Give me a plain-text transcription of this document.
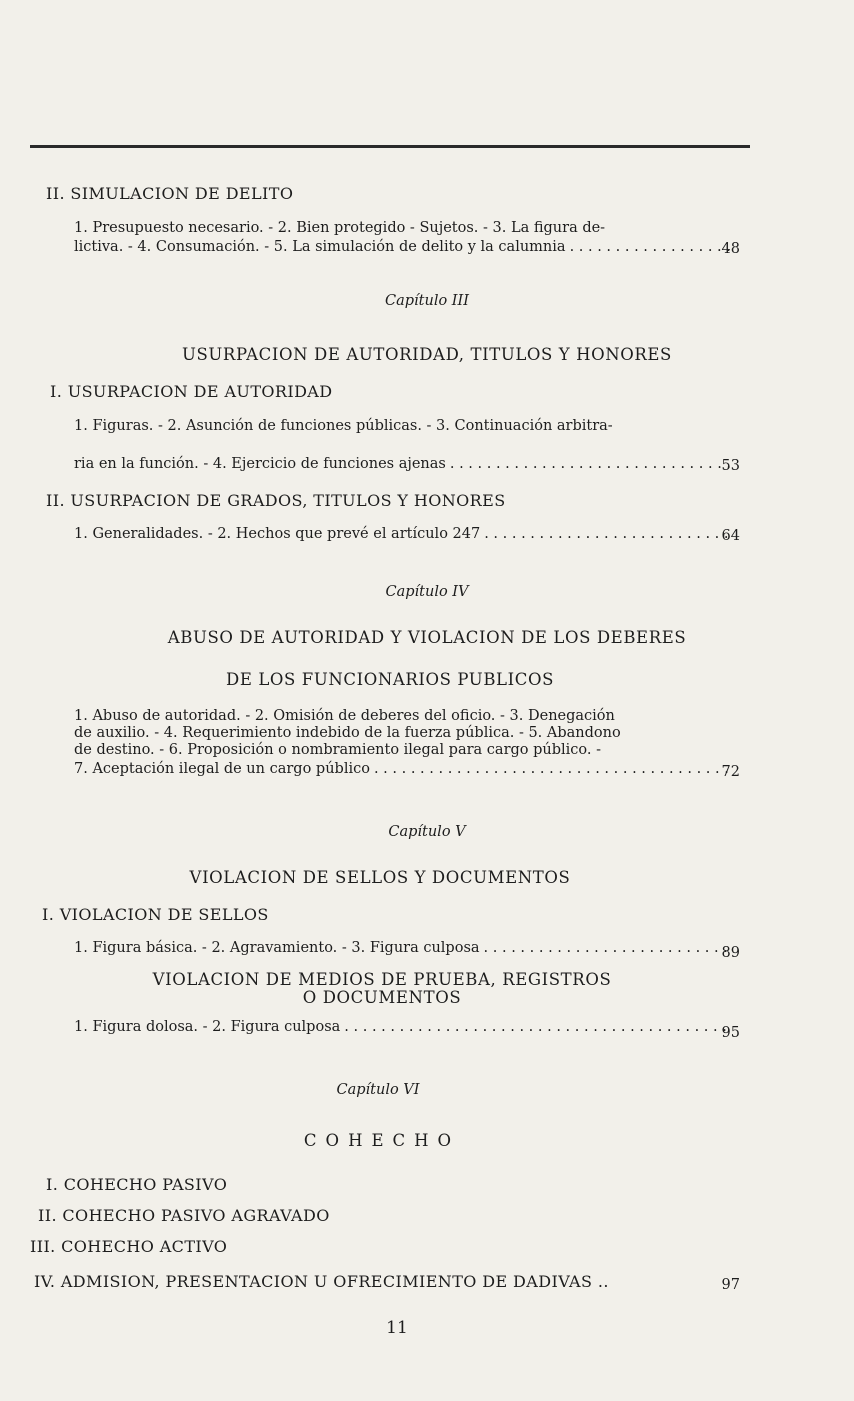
II. SIMULACION DE DELITO
1. Presupuesto necesario. - 2. Bien protegido - Sujetos. - 3. La figura de-
lictiva. - 4. Consumación. - 5. La simulación de delito y la calumnia . . .	48
Capítulo III
USURPACION DE AUTORIDAD, TITULOS Y HONORES
I. USURPACION DE AUTORIDAD
1. Figuras. - 2. Asunción de funciones públicas. - 3. Continuación arbitra-
ria en la función. - 4. Ejercicio de funciones ajenas . . .	53
II. USURPACION DE GRADOS, TITULOS Y HONORES
1. Generalidades. - 2. Hechos que prevé el artículo 247 . . .	64
Capítulo IV
ABUSO DE AUTORIDAD Y VIOLACION DE LOS DEBERES
DE LOS FUNCIONARIOS PUBLICOS
1. Abuso de autoridad. - 2. Omisión de deberes del oficio. - 3. Denegación
de auxilio. - 4. Requerimiento indebido de la fuerza pública. - 5. Abandono
de destino. - 6. Proposición o nombramiento ilegal para cargo público. -
7. Aceptación ilegal de un cargo público . . .	72
Capítulo V
VIOLACION DE SELLOS Y DOCUMENTOS
I. VIOLACION DE SELLOS
1. Figura básica. - 2. Agravamiento. - 3. Figura culposa . . .	89
VIOLACION DE MEDIOS DE PRUEBA, REGISTROS
O DOCUMENTOS
1. Figura dolosa. - 2. Figura culposa . . .	95
Capítulo VI
COHECHO
I. COHECHO PASIVO
II. COHECHO PASIVO AGRAVADO
III. COHECHO ACTIVO
IV. ADMISION, PRESENTACION U OFRECIMIENTO DE DADIVAS ..	97
11
